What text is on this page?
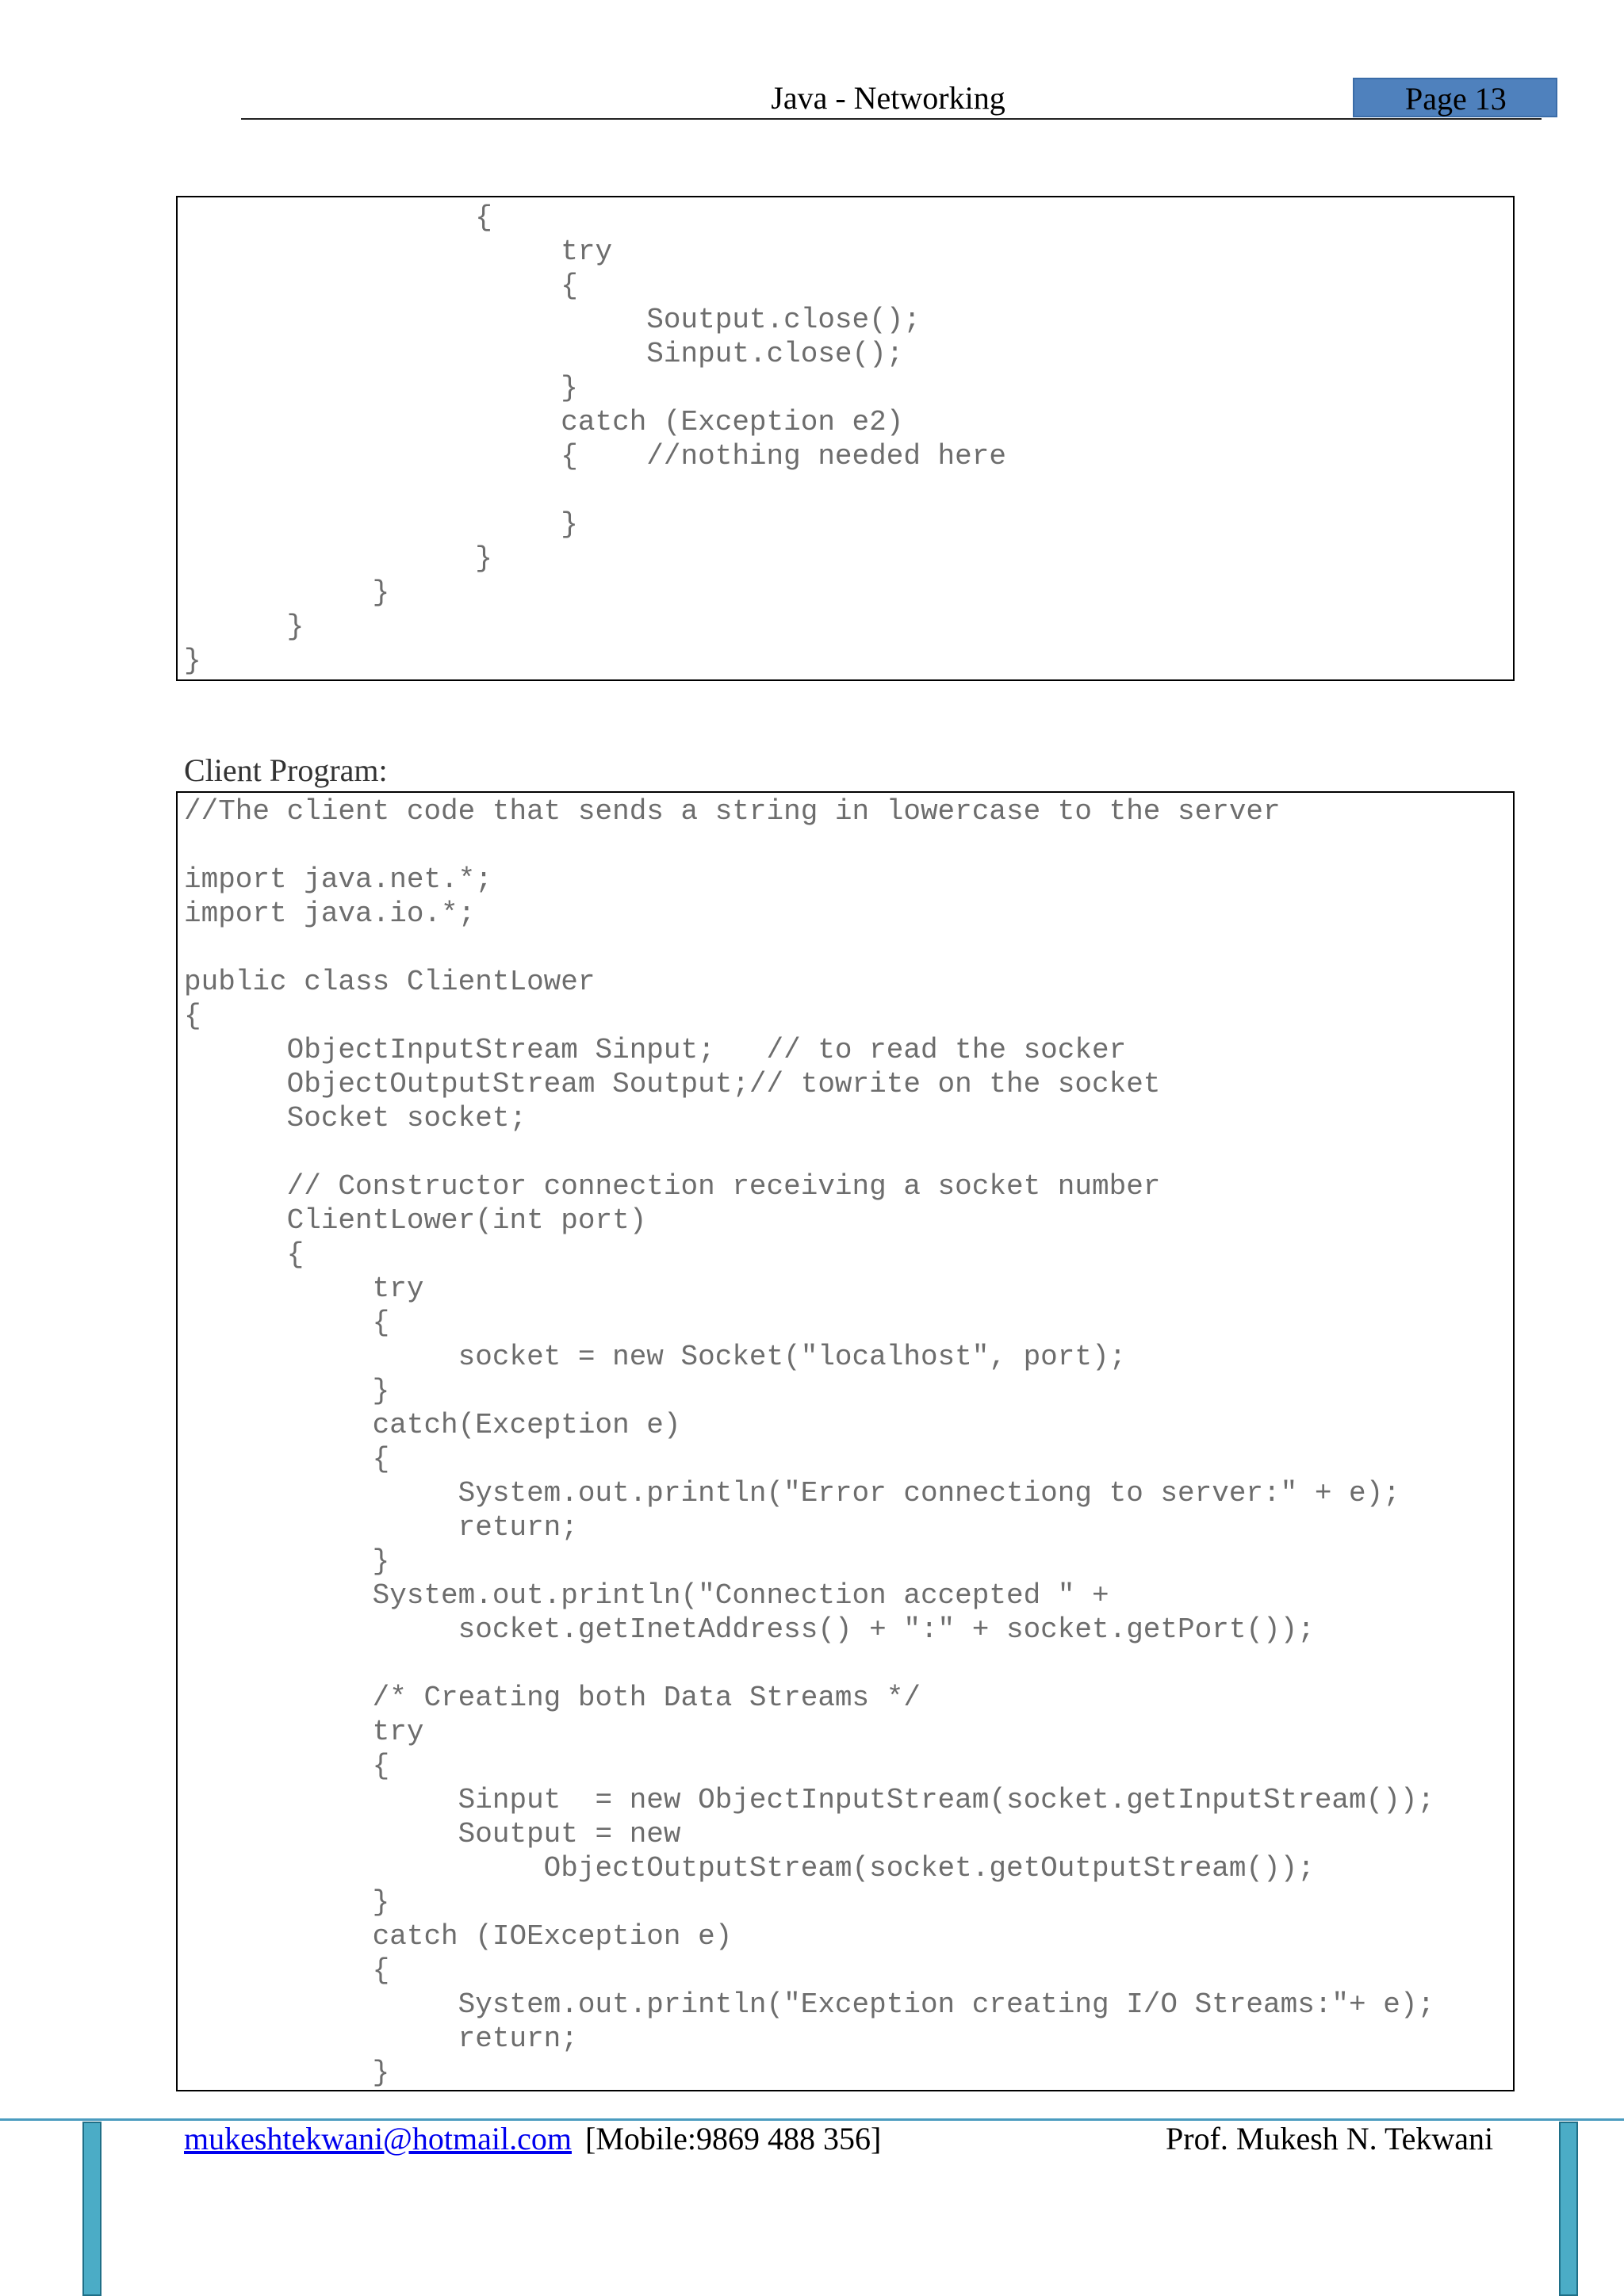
Java - Networking	Page 13
{
try
{
Soutput.close();
Sinput.close();
}
catch (Exception e2)
{    //nothing needed here

}
}
}
}
}
Client Program:
//The client code that sends a string in lowercase to the server

import java.net.*;
import java.io.*;

public class ClientLower
{
ObjectInputStream Sinput;   // to read the socker
ObjectOutputStream Soutput;// towrite on the socket
Socket socket;

// Constructor connection receiving a socket number
ClientLower(int port)
{
try
{
socket = new Socket("localhost", port);
}
catch(Exception e)
{
System.out.println("Error connectiong to server:" + e);
return;
}
System.out.println("Connection accepted " +
socket.getInetAddress() + ":" + socket.getPort());

/* Creating both Data Streams */
try
{
Sinput  = new ObjectInputStream(socket.getInputStream());
Soutput = new
ObjectOutputStream(socket.getOutputStream());
}
catch (IOException e)
{
System.out.println("Exception creating I/O Streams:"+ e);
return;
}
mukeshtekwani@hotmail.com [Mobile:9869 488 356]	Prof. Mukesh N. Tekwani
